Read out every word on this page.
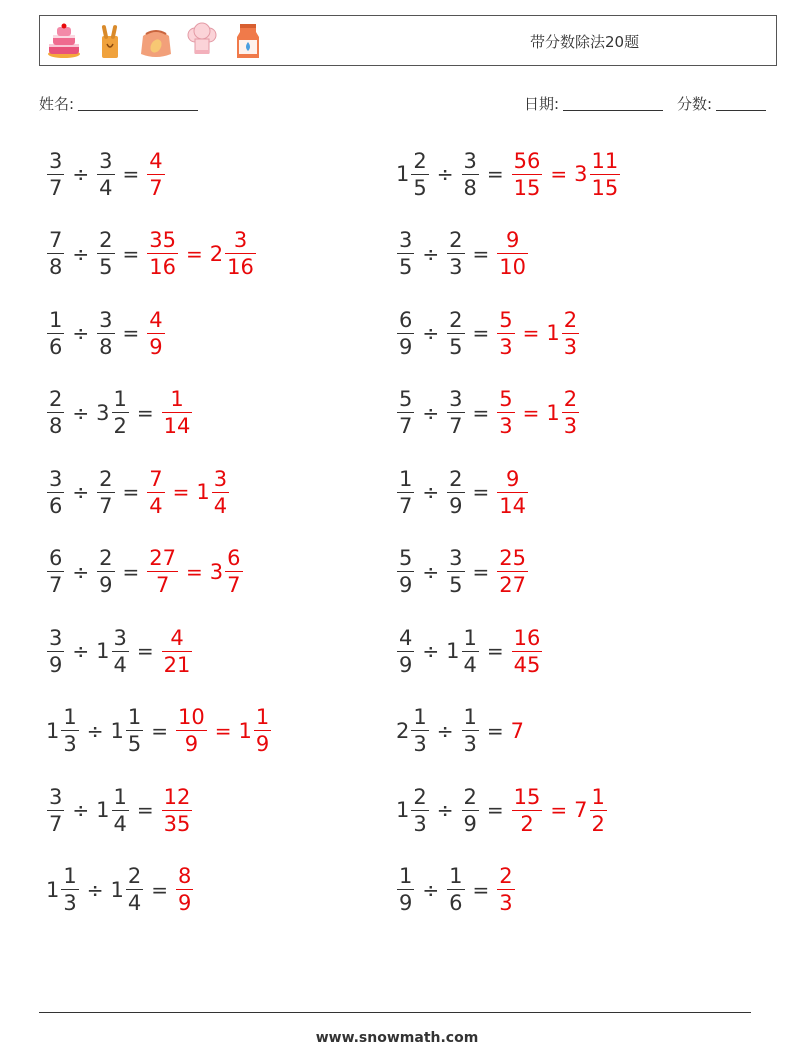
带分数除法20题
姓名:	日期:	分数:
$\frac{3}{7} \div \frac{3}{4} = \frac{4}{7}$	$1 \frac{2}{5} \div \frac{3}{8} = \frac{56}{15} = 3 \frac{11}{15}$
$\frac{7}{8} \div \frac{2}{5} = \frac{35}{16} = 2 \frac{3}{16}$	$\frac{3}{5} \div \frac{2}{3} = \frac{9}{10}$
$\frac{1}{6} \div \frac{3}{8} = \frac{4}{9}$	$\frac{6}{9} \div \frac{2}{5} = \frac{5}{3} = 1 \frac{2}{3}$
$\frac{2}{8} \div 3 \frac{1}{2} = \frac{1}{14}$	$\frac{5}{7} \div \frac{3}{7} = \frac{5}{3} = 1 \frac{2}{3}$
$\frac{3}{6} \div \frac{2}{7} = \frac{7}{4} = 1 \frac{3}{4}$	$\frac{1}{7} \div \frac{2}{9} = \frac{9}{14}$
$\frac{6}{7} \div \frac{2}{9} = \frac{27}{7} = 3 \frac{6}{7}$	$\frac{5}{9} \div \frac{3}{5} = \frac{25}{27}$
$\frac{3}{9} \div 1 \frac{3}{4} = \frac{4}{21}$	$\frac{4}{9} \div 1 \frac{1}{4} = \frac{16}{45}$
$1 \frac{1}{3} \div 1 \frac{1}{5} = \frac{10}{9} = 1 \frac{1}{9}$	$2 \frac{1}{3} \div \frac{1}{3} = 7$
$\frac{3}{7} \div 1 \frac{1}{4} = \frac{12}{35}$	$1 \frac{2}{3} \div \frac{2}{9} = \frac{15}{2} = 7 \frac{1}{2}$
$1 \frac{1}{3} \div 1 \frac{2}{4} = \frac{8}{9}$	$\frac{1}{9} \div \frac{1}{6} = \frac{2}{3}$
www.snowmath.com
